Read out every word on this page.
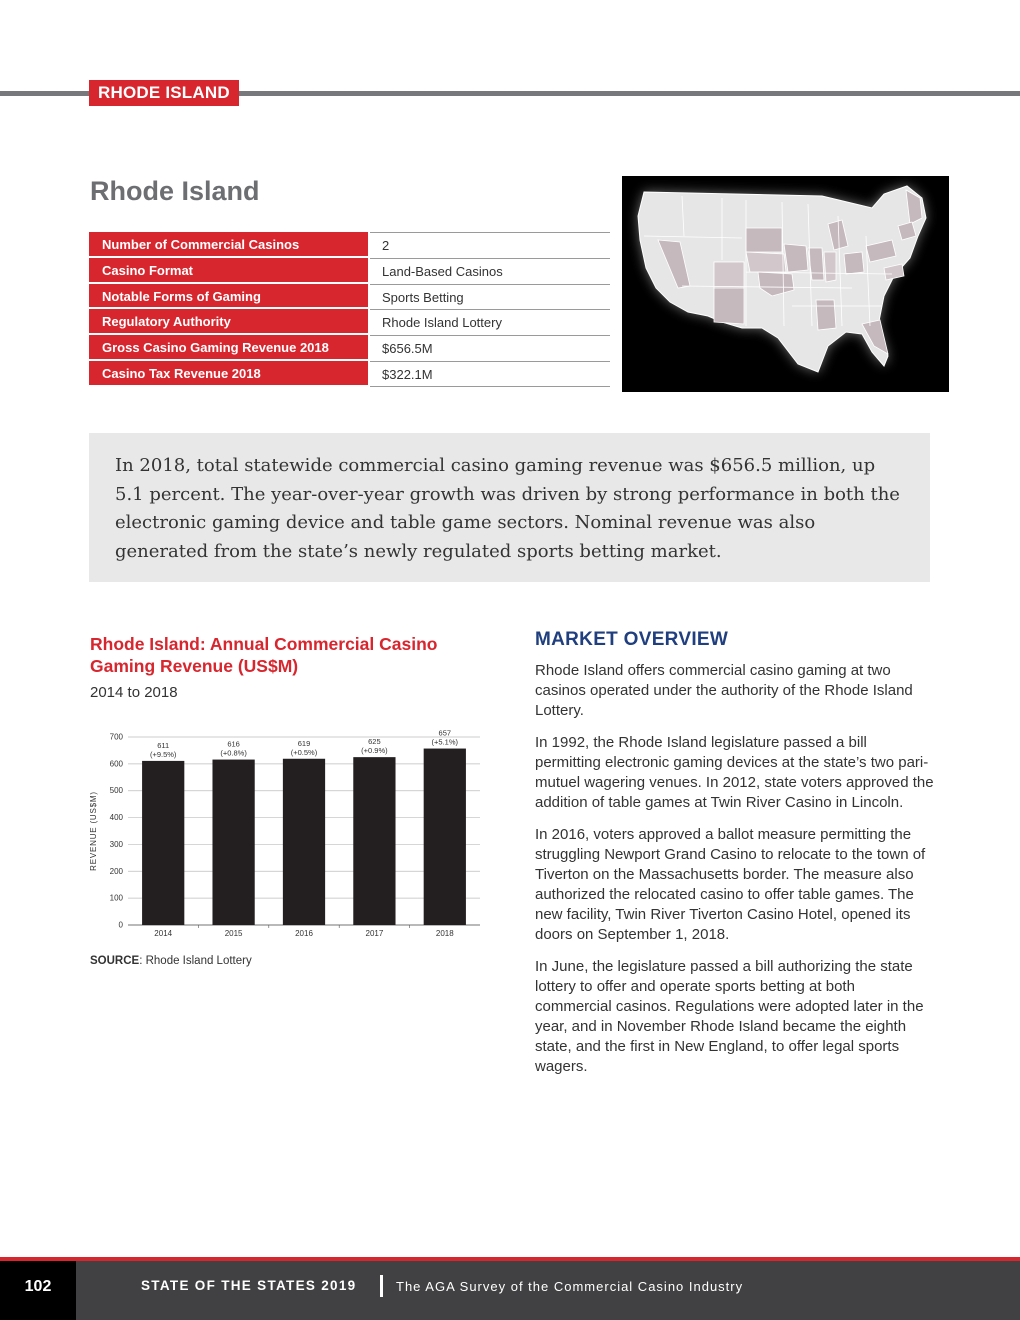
RHODE ISLAND
Rhode Island
Number of Commercial Casinos	2
Casino Format	Land-Based Casinos
Notable Forms of Gaming	Sports Betting
Regulatory Authority	Rhode Island Lottery
Gross Casino Gaming Revenue 2018	$656.5M
Casino Tax Revenue 2018	$322.1M

In 2018, total statewide commercial casino gaming revenue was $656.5 million, up 5.1 percent. The year-over-year growth was driven by strong performance in both the electronic gaming device and table game sectors. Nominal revenue was also generated from the state’s newly regulated sports betting market.

Rhode Island: Annual Commercial Casino Gaming Revenue (US$M)
2014 to 2018
0
100
200
300
400
500
600
700
REVENUE (US$M)
611
(+9.5%)
2014
616
(+0.8%)
2015
619
(+0.5%)
2016
625
(+0.9%)
2017
657
(+5.1%)
2018
SOURCE: Rhode Island Lottery
MARKET OVERVIEW

Rhode Island offers commercial casino gaming at two casinos operated under the authority of the Rhode Island Lottery.

In 1992, the Rhode Island legislature passed a bill permitting electronic gaming devices at the state’s two pari-mutuel wagering venues. In 2012, state voters approved the addition of table games at Twin River Casino in Lincoln.

In 2016, voters approved a ballot measure permitting the struggling Newport Grand Casino to relocate to the town of Tiverton on the Massachusetts border. The measure also authorized the relocated casino to offer table games. The new facility, Twin River Tiverton Casino Hotel, opened its doors on September 1, 2018.

In June, the legislature passed a bill authorizing the state lottery to offer and operate sports betting at both commercial casinos. Regulations were adopted later in the year, and in November Rhode Island became the eighth state, and the first in New England, to offer legal sports wagers.

102	STATE OF THE STATES 2019	The AGA Survey of the Commercial Casino Industry
